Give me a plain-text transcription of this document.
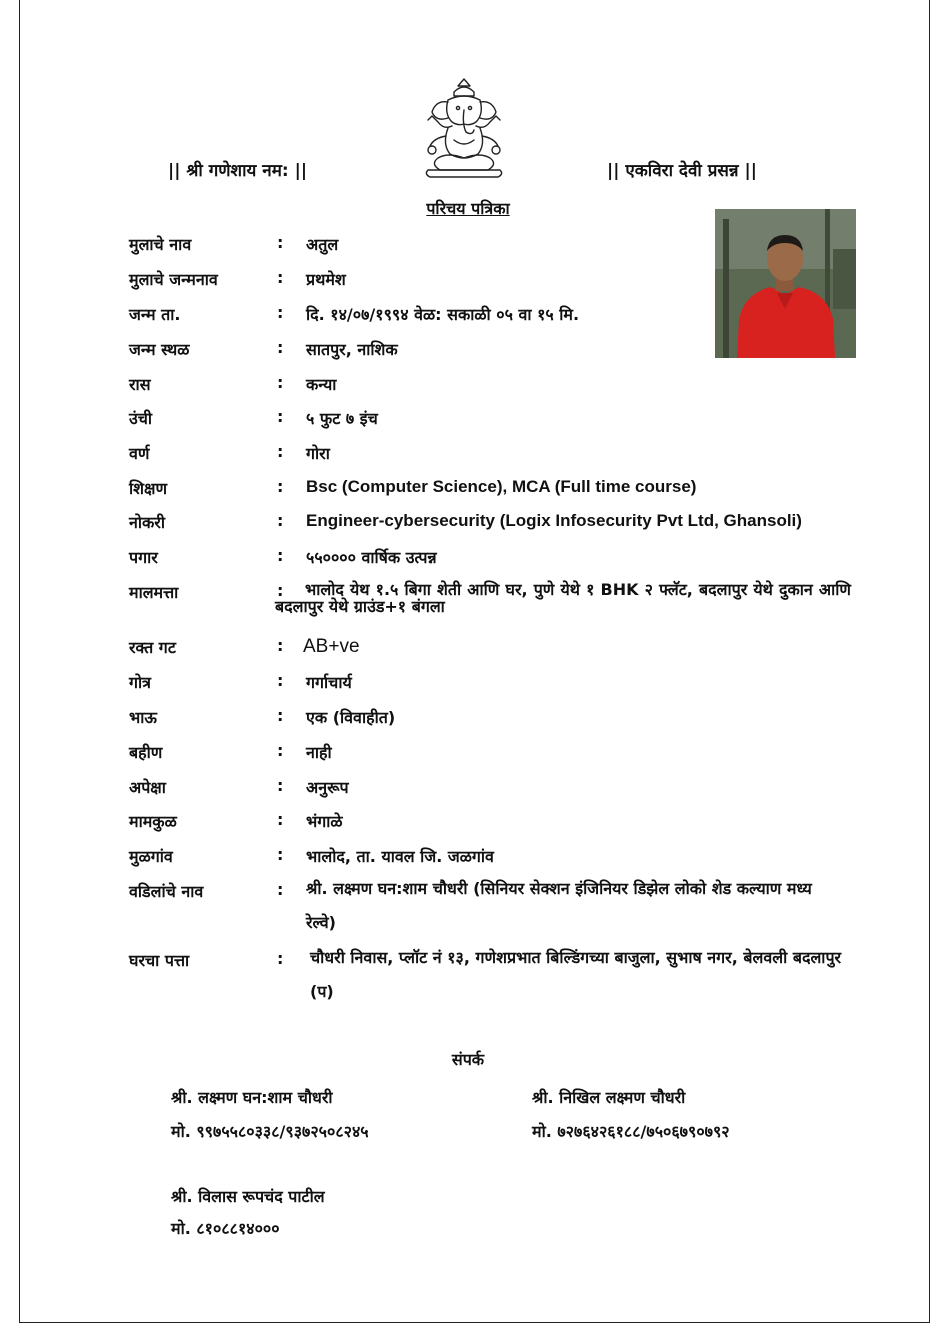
|| श्री गणेशाय नम: ||	|| एकविरा देवी प्रसन्न ||
परिचय पत्रिका
मुलाचे नाव	: अतुल
मुलाचे जन्मनाव	: प्रथमेश
जन्म ता.	: दि. १४/०७/१९९४ वेळ: सकाळी ०५ वा १५ मि.
जन्म स्थळ	: सातपुर, नाशिक
रास	: कन्या
उंची	: ५ फुट ७ इंच
वर्ण	: गोरा
शिक्षण	: Bsc (Computer Science), MCA (Full time course)
नोकरी	: Engineer-cybersecurity (Logix Infosecurity Pvt Ltd, Ghansoli)
पगार	: ५५०००० वार्षिक उत्पन्न
मालमत्ता	:	भालोद येथ १.५ बिगा शेती आणि घर, पुणे येथे १ BHK २ फ्लॅट, बदलापुर येथे दुकान आणि बदलापुर येथे ग्राउंड+१ बंगला
रक्त गट	: AB+ve
गोत्र	: गर्गाचार्य
भाऊ	: एक (विवाहीत)
बहीण	: नाही
अपेक्षा	: अनुरूप
मामकुळ	: भंगाळे
मुळगांव	: भालोद, ता. यावल जि. जळगांव
वडिलांचे नाव	: श्री. लक्ष्मण घन:शाम चौधरी (सिनियर सेक्शन इंजिनियर डिझेल लोको शेड कल्याण मध्य रेल्वे)
घरचा पत्ता	: चौधरी निवास, प्लॉट नं १३, गणेशप्रभात बिल्डिंगच्या बाजुला, सुभाष नगर, बेलवली बदलापुर (प)
संपर्क
श्री. लक्ष्मण घन:शाम चौधरी
मो. ९९७५५८०३३८/९३७२५०८२४५
श्री. निखिल लक्ष्मण चौधरी
मो. ७२७६४२६१८८/७५०६७९०७९२
श्री. विलास रूपचंद पाटील
मो. ८१०८८१४०००
